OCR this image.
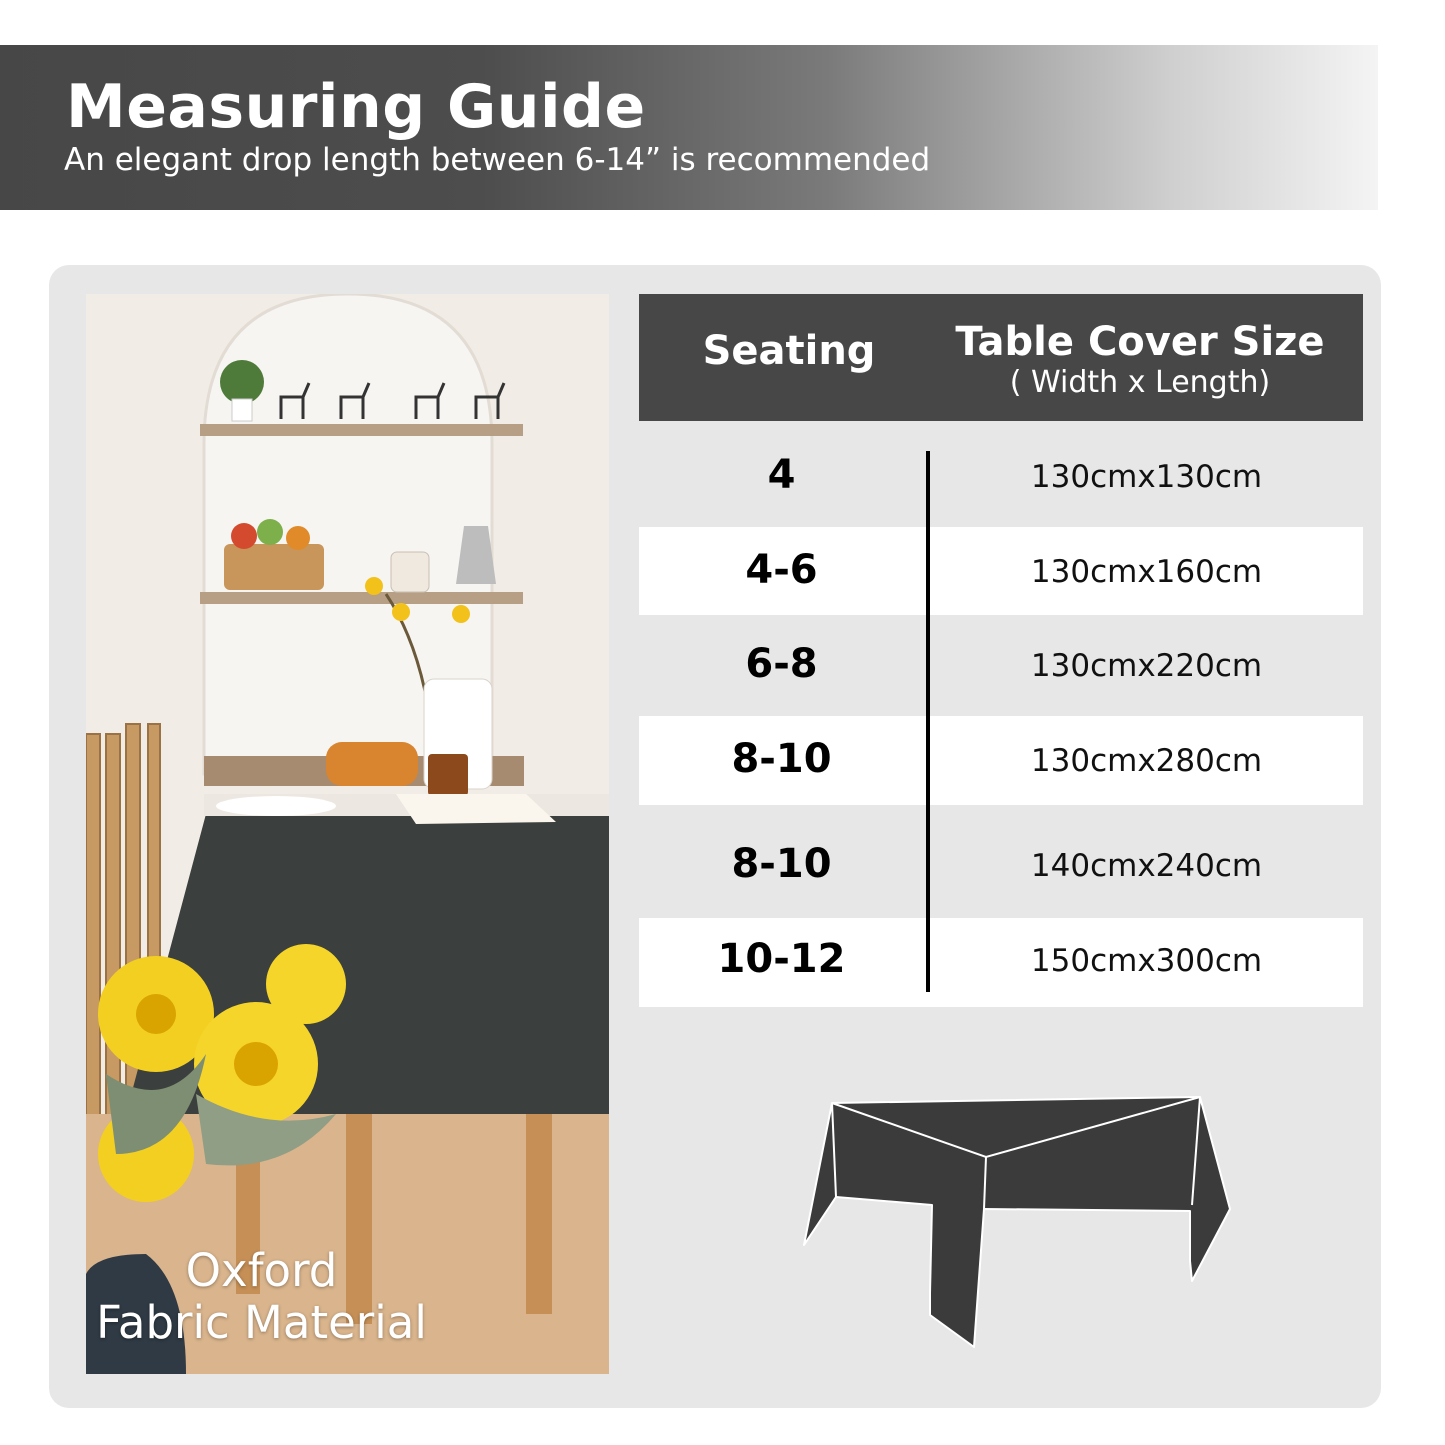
Measuring Guide

An elegant drop length between 6-14” is recommended

Oxford
Fabric Material
Seating	Table Cover Size
( Width x Length)
4	130cmx130cm
4-6	130cmx160cm
6-8	130cmx220cm
8-10	130cmx280cm
8-10	140cmx240cm
10-12	150cmx300cm
